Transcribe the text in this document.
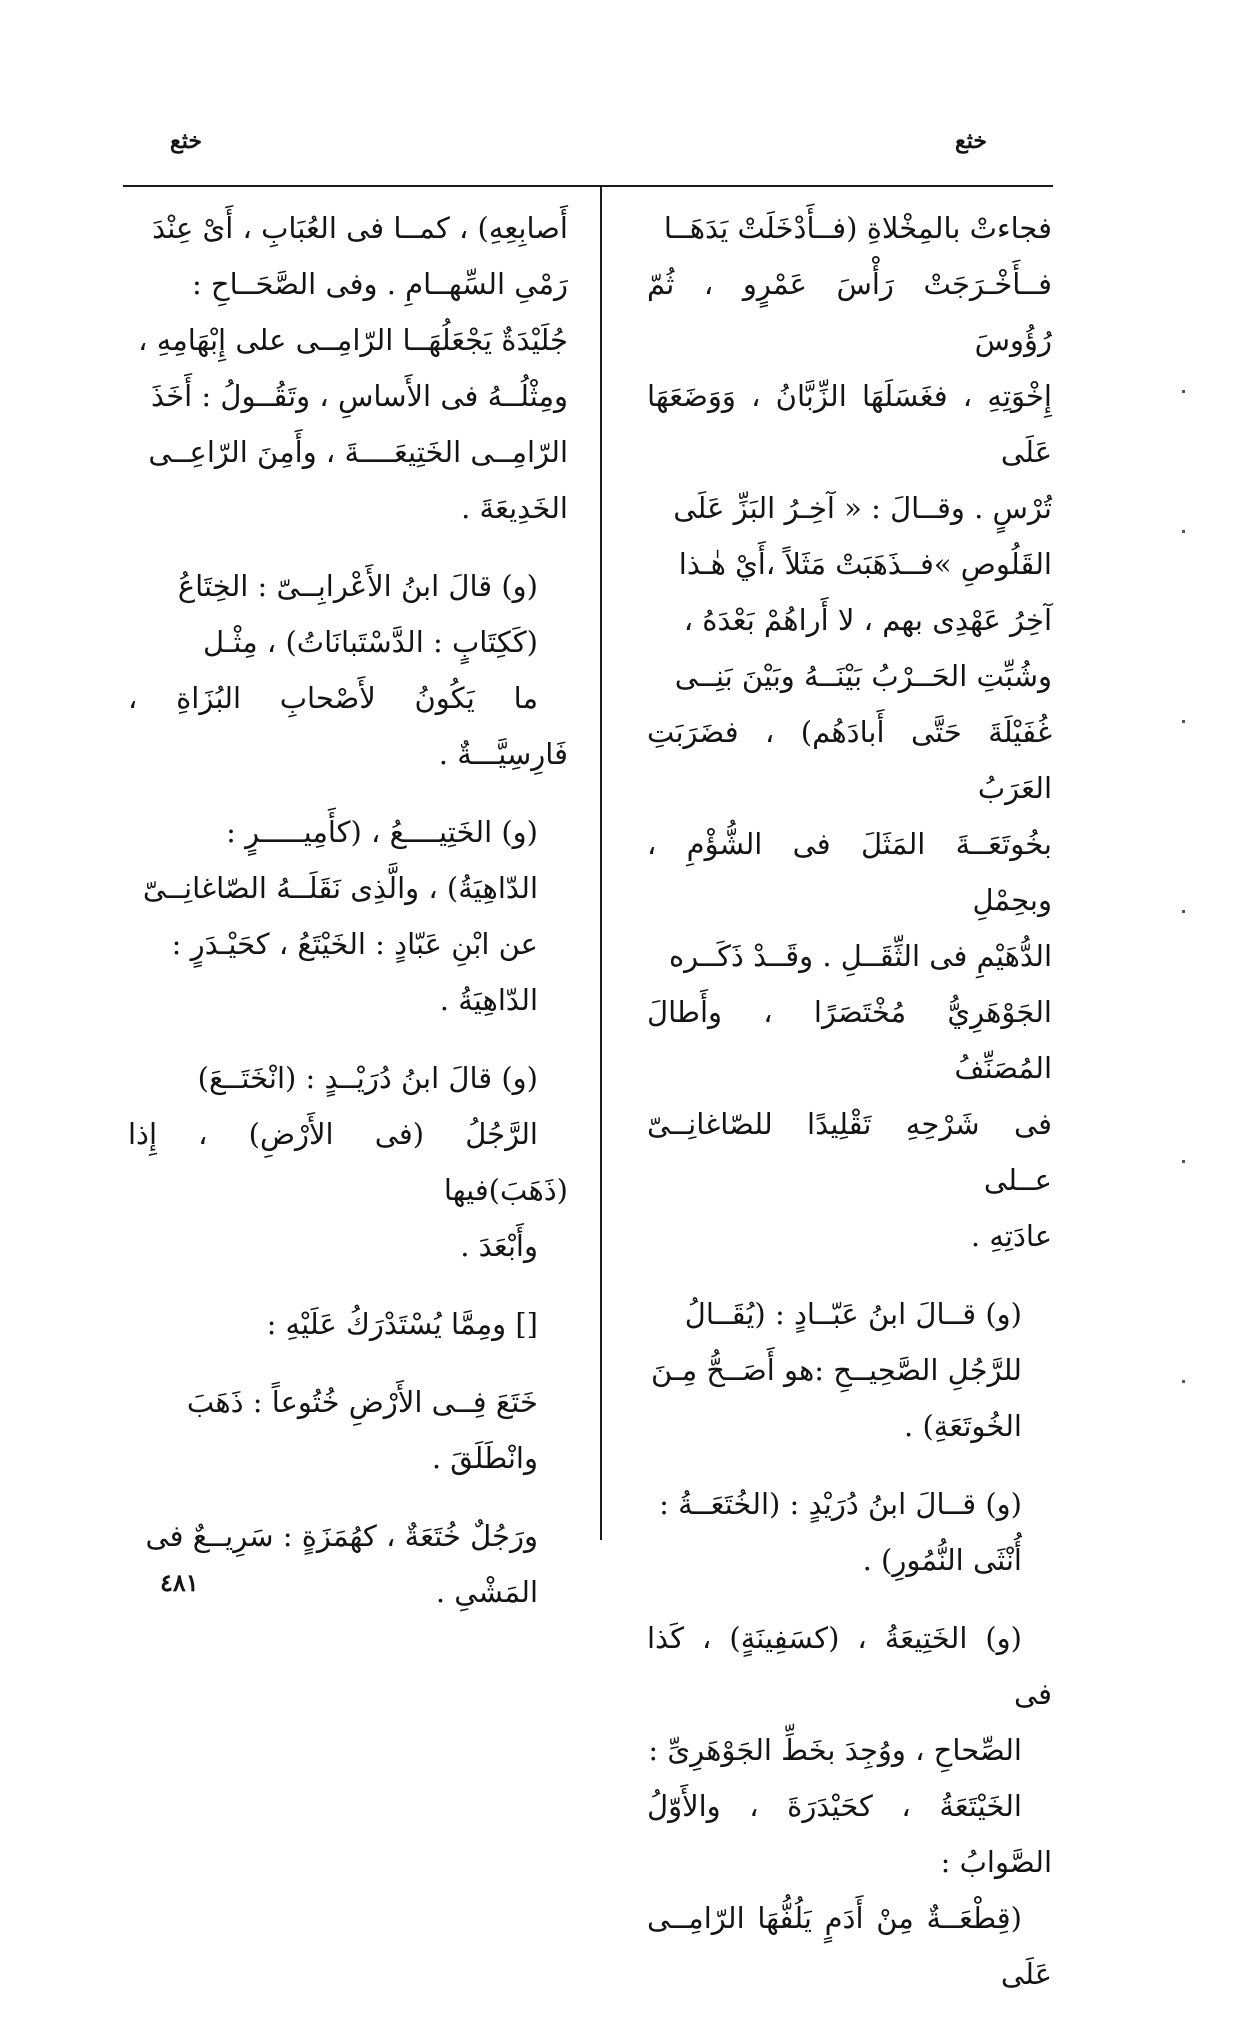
خثع
خثع
فجاءتْ بالمِخْلاةِ (فــأَدْخَلَتْ يَدَهَــا
فــأَخْـرَجَتْ رَأْسَ عَمْرٍو ، ثُمّ رُؤُوسَ
إِخْوَتِهِ ، فغَسَلَهَا الزِّبَّانُ ، وَوَضَعَهَا عَلَى
تُرْسٍ . وقــالَ : « آخِـرُ البَزِّ عَلَى
القَلُوصِ »فــذَهَبَتْ مَثَلاً ،أَيْ هٰـذا
آخِرُ عَهْدِى بهم ، لا أَراهُمْ بَعْدَهُ ،
وشُبِّتِ الحَــرْبُ بَيْنَــهُ وبَيْنَ بَنِــى
غُفَيْلَةَ حَتَّى أَبادَهُم) ، فضَرَبَتِ العَرَبُ
بخُوتَعَــةَ المَثَلَ فى الشُّؤْمِ ، وبحِمْلِ
الدُّهَيْمِ فى الثِّقَــلِ . وقَــدْ ذَكَــره
الجَوْهَرِيُّ مُخْتَصَرًا ، وأَطالَ المُصَنِّفُ
فى شَرْحِهِ تَقْلِيدًا للصّاغانِــىّ عــلى
عادَتِهِ .
(و) قــالَ ابنُ عَبّــادٍ : (يُقَــالُ
للرَّجُلِ الصَّحِيــحِ :هو أَصَــحُّ مِـنَ
الخُوتَعَةِ) .
(و) قــالَ ابنُ دُرَيْدٍ : (الخُتَعَــةُ :
أُنْثَى النُّمُورِ) .
(و) الخَتِيعَةُ ، (كسَفِينَةٍ) ، كَذا فى
الصِّحاحِ ، ووُجِدَ بخَطِّ الجَوْهَرِىِّ :
الخَيْتَعَةُ ، كحَيْدَرَةَ ، والأَوّلُ الصَّوابُ :
(قِطْعَــةٌ مِنْ أَدَمٍ يَلُفُّهَا الرّامِــى عَلَى
أَصابِعِهِ) ، كمــا فى العُبَابِ ، أَىْ عِنْدَ
رَمْىِ السِّهــامِ . وفى الصَّحَــاحِ :
جُلَيْدَةٌ يَجْعَلُهَــا الرّامِــى على إِبْهَامِهِ ،
ومِثْلُــهُ فى الأَساسِ ، وتَقُــولُ : أَخَذَ
الرّامِــى الخَتِيعَــــةَ ، وأَمِنَ الرّاعِــى
الخَدِيعَةَ .
(و) قالَ ابنُ الأَعْرابِــىّ : الخِتَاعُ
(كَكِتَابٍ : الدَّسْتَبانَاتُ) ، مِثْـل
ما يَكُونُ لأَصْحابِ البُزَاةِ ، فَارِسِيَّـــةٌ .
(و) الخَتِيــــعُ ، (كأَمِيـــــرٍ :
الدّاهِيَةُ) ، والَّذِى نَقَلَــهُ الصّاغانِــىّ
عن ابْنِ عَبّادٍ : الخَيْتَعُ ، كحَيْـدَرٍ :
الدّاهِيَةُ .
(و) قالَ ابنُ دُرَيْــدٍ : (انْخَتَــعَ)
الرَّجُلُ (فى الأَرْضِ) ، إِذا (ذَهَبَ)فيها
وأَبْعَدَ .
[] ومِمَّا يُسْتَدْرَكُ عَلَيْهِ :
خَتَعَ فِــى الأَرْضِ خُتُوعاً : ذَهَبَ
وانْطَلَقَ .
ورَجُلٌ خُتَعَةٌ ، كهُمَزَةٍ : سَرِيــعٌ فى
المَشْىِ .
٤٨١
